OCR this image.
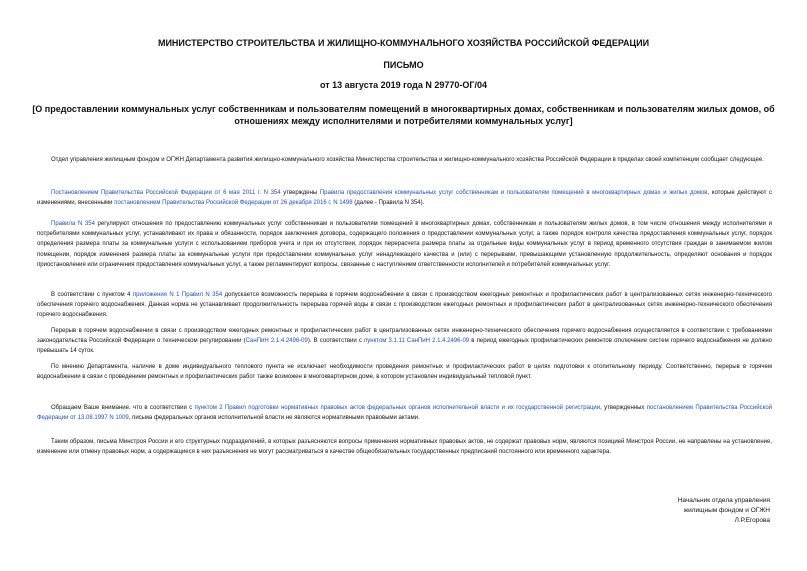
МИНИСТЕРСТВО СТРОИТЕЛЬСТВА И ЖИЛИЩНО-КОММУНАЛЬНОГО ХОЗЯЙСТВА РОССИЙСКОЙ ФЕДЕРАЦИИ

ПИСЬМО

от 13 августа 2019 года N 29770-ОГ/04

[О предоставлении коммунальных услуг собственникам и пользователям помещений в многоквартирных домах, собственникам и пользователям жилых домов, об отношениях между исполнителями и потребителями коммунальных услуг]

Отдел управления жилищным фондом и ОГЖН Департамента развития жилищно-коммунального хозяйства Министерства строительства и жилищно-коммунального хозяйства Российской Федерации в пределах своей компетенции сообщает следующее.

Постановлением Правительства Российской Федерации от 6 мая 2011 г. N 354 утверждены Правила предоставления коммунальных услуг собственникам и пользователям помещений в многоквартирных домах и жилых домов, которые действуют с изменениями, внесенными постановлением Правительства Российской Федерации от 26 декабря 2016 г. N 1498 (далее - Правила N 354).

Правила N 354 регулируют отношения по предоставлению коммунальных услуг собственникам и пользователям помещений в многоквартирных домах, собственникам и пользователям жилых домов, в том числе отношения между исполнителями и потребителями коммунальных услуг, устанавливают их права и обязанности, порядок заключения договора, содержащего положения о предоставлении коммунальных услуг, а также порядок контроля качества предоставления коммунальных услуг, порядок определения размера платы за коммунальные услуги с использованием приборов учета и при их отсутствии, порядок перерасчета размера платы за отдельные виды коммунальных услуг в период временного отсутствия граждан в занимаемом жилом помещении, порядок изменения размера платы за коммунальные услуги при предоставлении коммунальных услуг ненадлежащего качества и (или) с перерывами, превышающими установленную продолжительность, определяют основания и порядок приостановления или ограничения предоставления коммунальных услуг, а также регламентируют вопросы, связанные с наступлением ответственности исполнителей и потребителей коммунальных услуг.

В соответствии с пунктом 4 приложения N 1 Правил N 354 допускается возможность перерыва в горячем водоснабжении в связи с производством ежегодных ремонтных и профилактических работ в централизованных сетях инженерно-технического обеспечения горячего водоснабжения. Данная норма не устанавливает продолжительность перерыва горячей воды в связи с производством ежегодных ремонтных и профилактических работ в централизованных сетях инженерно-технического обеспечения горячего водоснабжения.

Перерыв в горячем водоснабжении в связи с производством ежегодных ремонтных и профилактических работ в централизованных сетях инженерно-технического обеспечения горячего водоснабжения осуществляется в соответствии с требованиями законодательства Российской Федерации о техническом регулировании (СанПиН 2.1.4.2496-09). В соответствии с пунктом 3.1.11 СанПиН 2.1.4.2496-09 в период ежегодных профилактических ремонтов отключение систем горячего водоснабжения не должно превышать 14 суток.

По мнению Департамента, наличие в доме индивидуального теплового пункта не исключает необходимости проведения ремонтных и профилактических работ в целях подготовки к отопительному периоду. Соответственно, перерыв в горячем водоснабжении в связи с проведением ремонтных и профилактических работ также возможен в многоквартирном доме, в котором установлен индивидуальный тепловой пункт.

Обращаем Ваше внимание, что в соответствии с пунктом 2 Правил подготовки нормативных правовых актов федеральных органов исполнительной власти и их государственной регистрации, утвержденных постановлением Правительства Российской Федерации от 13.08.1997 N 1009, письма федеральных органов исполнительной власти не являются нормативными правовыми актами.

Таким образом, письма Минстроя России и его структурных подразделений, в которых разъясняются вопросы применения нормативных правовых актов, не содержат правовых норм, являются позицией Минстроя России, не направлены на установление, изменение или отмену правовых норм, а содержащиеся в них разъяснения не могут рассматриваться в качестве общеобязательных государственных предписаний постоянного или временного характера.

Начальник отдела управления
жилищным фондом и ОГЖН
Л.Р.Егорова
